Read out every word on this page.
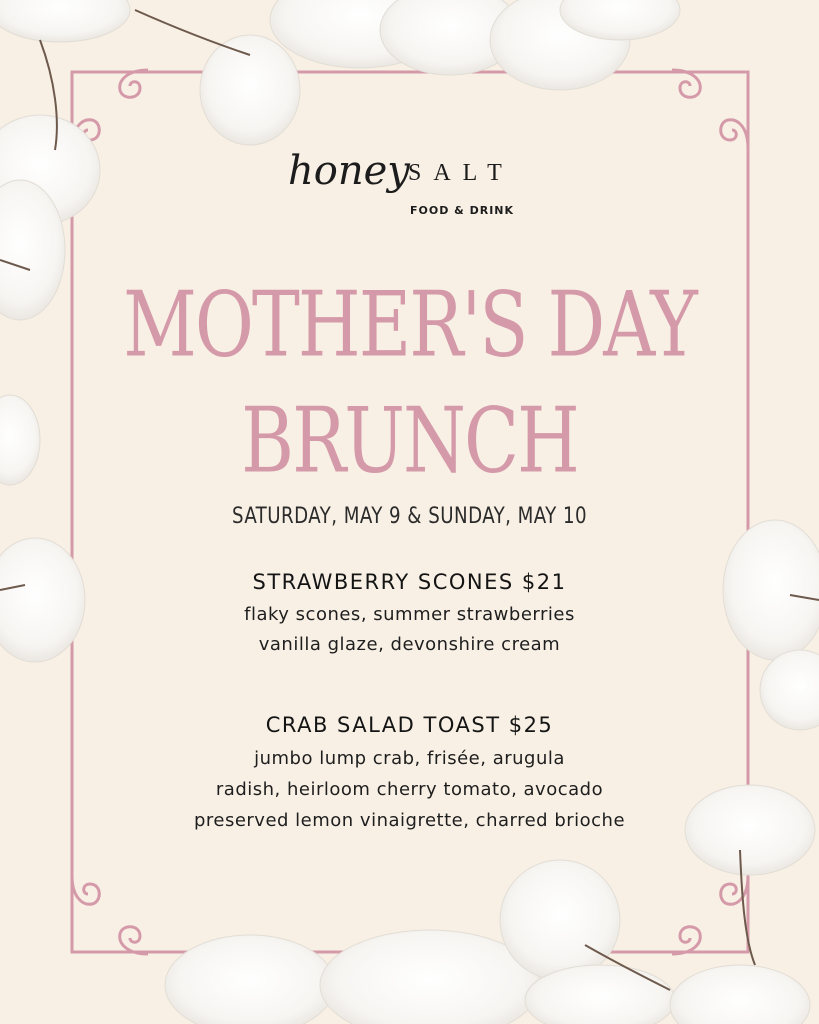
honey
SALT
FOOD & DRINK
MOTHER'S DAY
BRUNCH
SATURDAY, MAY 9 & SUNDAY, MAY 10
STRAWBERRY SCONES $21
flaky scones, summer strawberries
vanilla glaze, devonshire cream
CRAB SALAD TOAST $25
jumbo lump crab, frisée, arugula
radish, heirloom cherry tomato, avocado
preserved lemon vinaigrette, charred brioche
